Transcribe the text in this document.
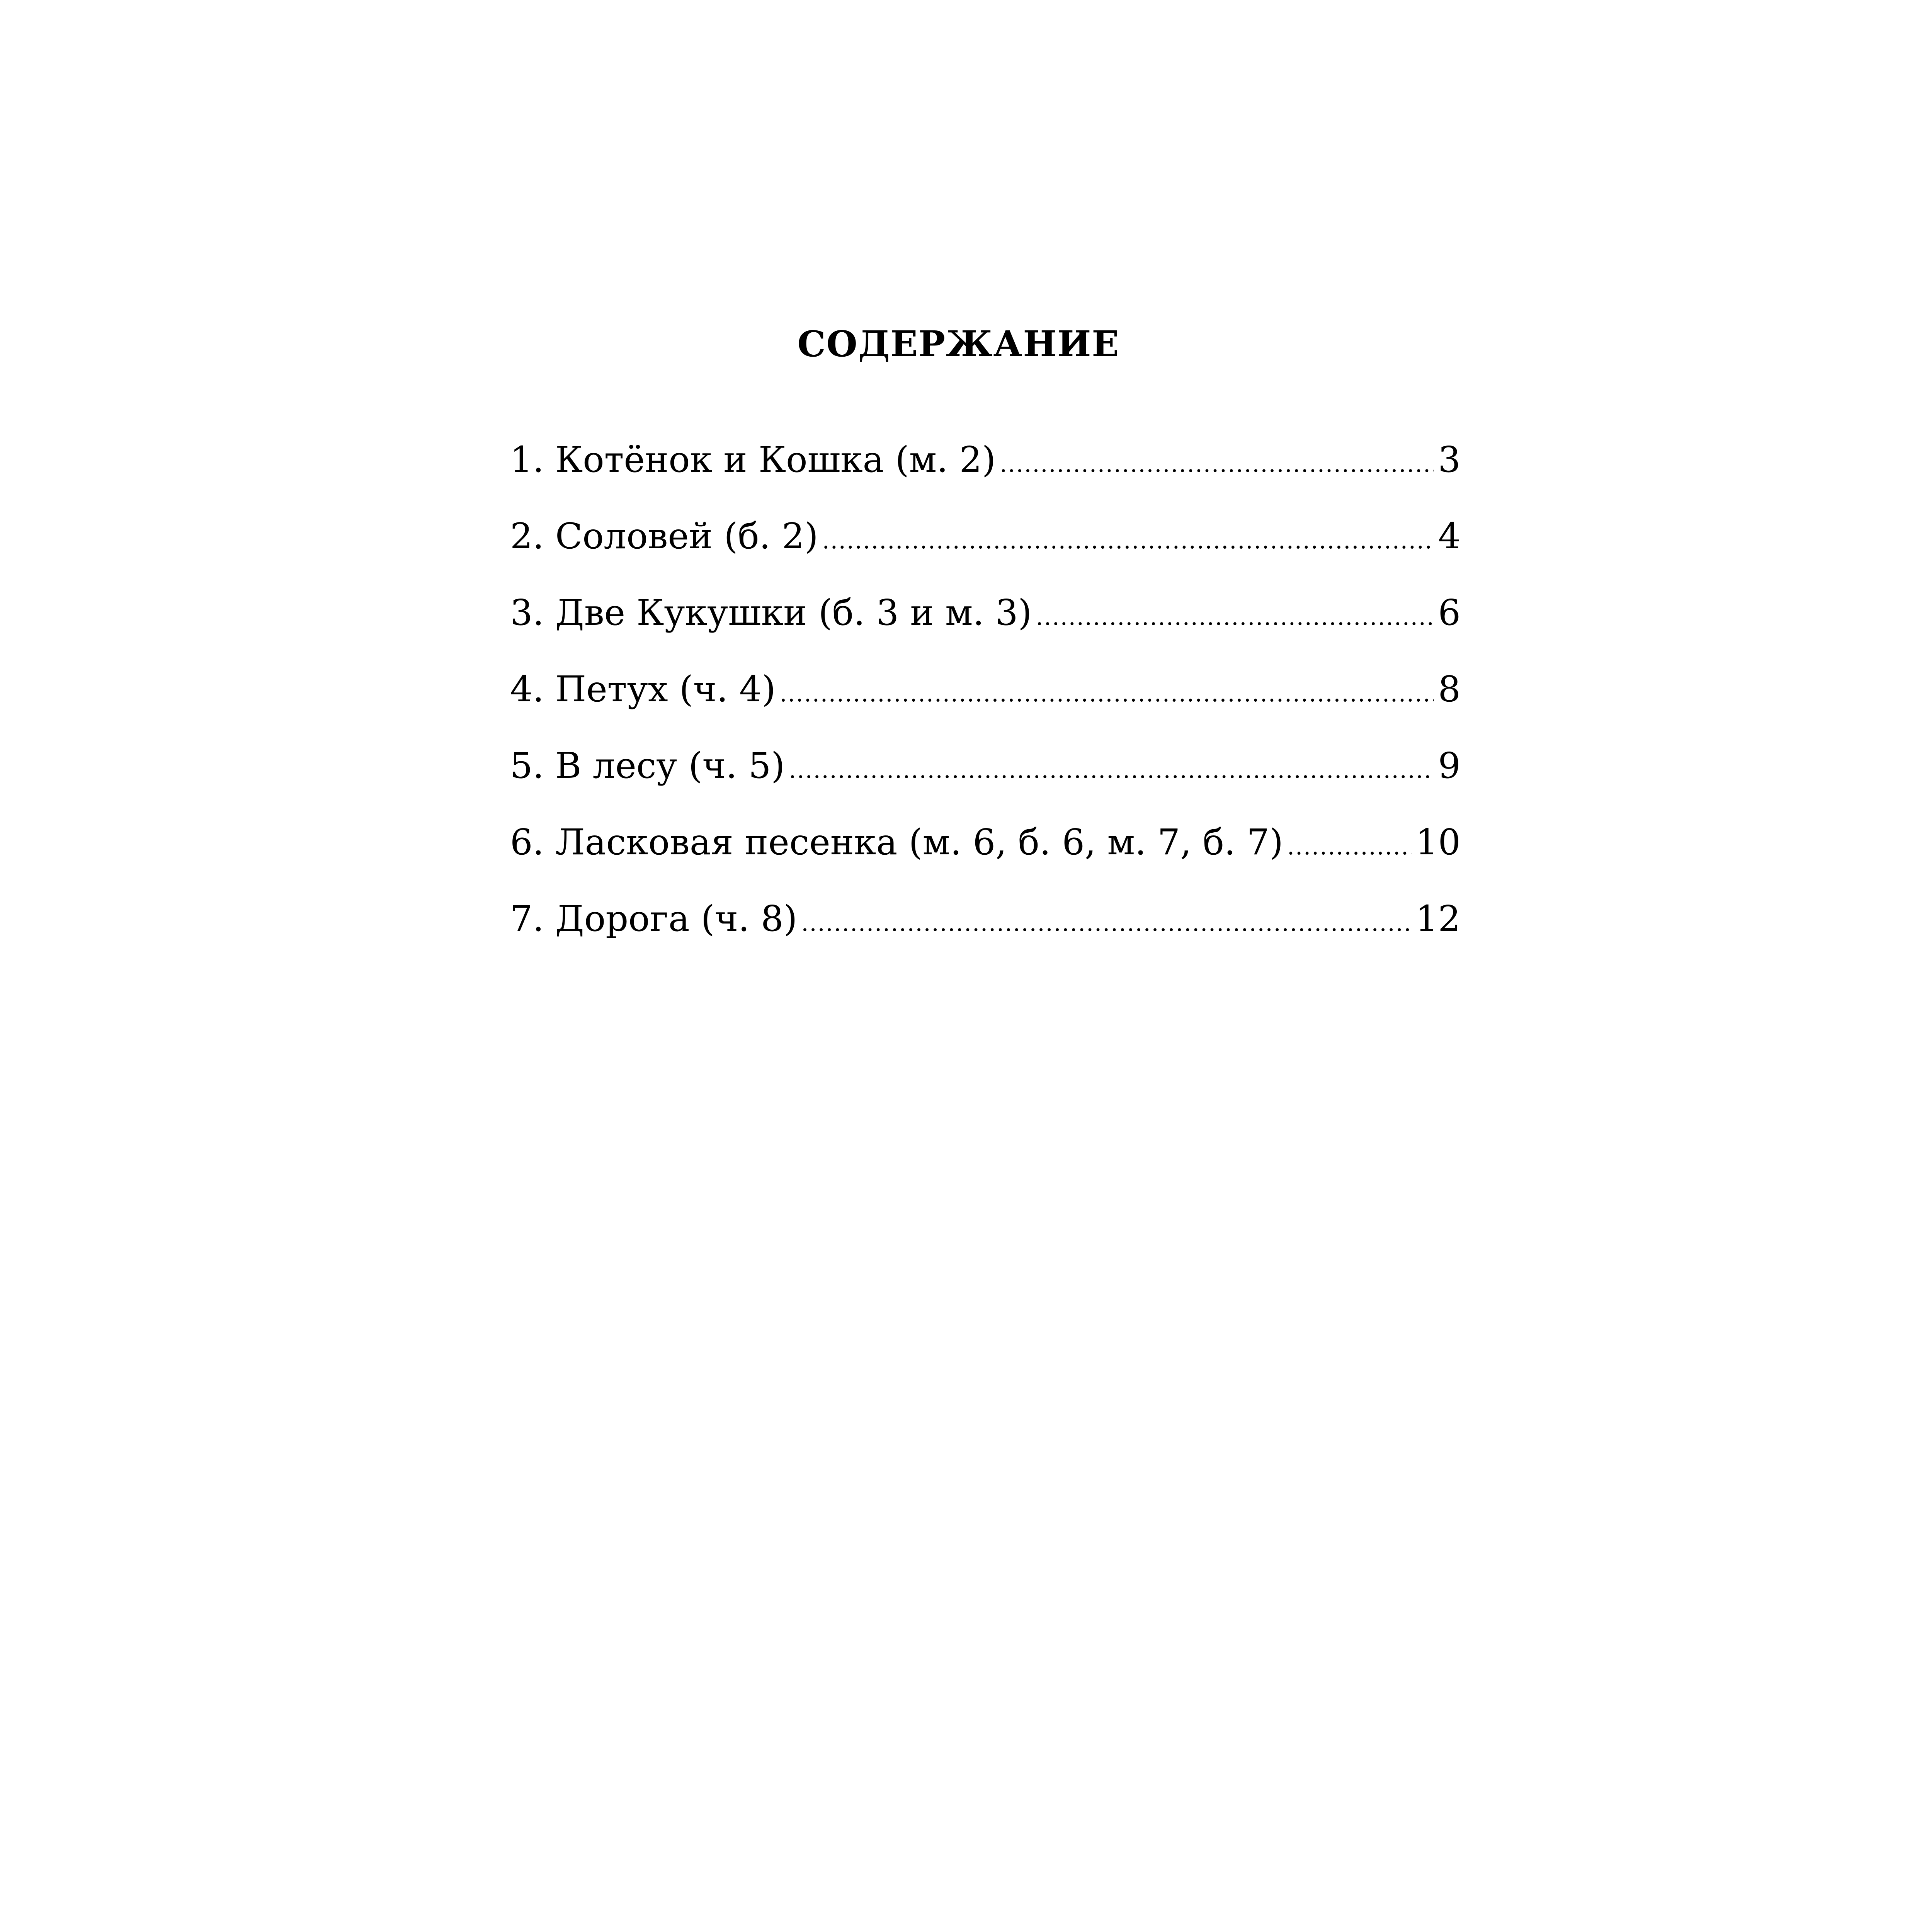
СОДЕРЖАНИЕ
1. Котёнок и Кошка (м. 2) .....	3
2. Соловей (б. 2) .....	4
3. Две Кукушки (б. 3 и м. 3) .....	6
4. Петух (ч. 4) .....	8
5. В лесу (ч. 5) .....	9
6. Ласковая песенка (м. 6, б. 6, м. 7, б. 7) .....	10
7. Дорога (ч. 8) .....	12
